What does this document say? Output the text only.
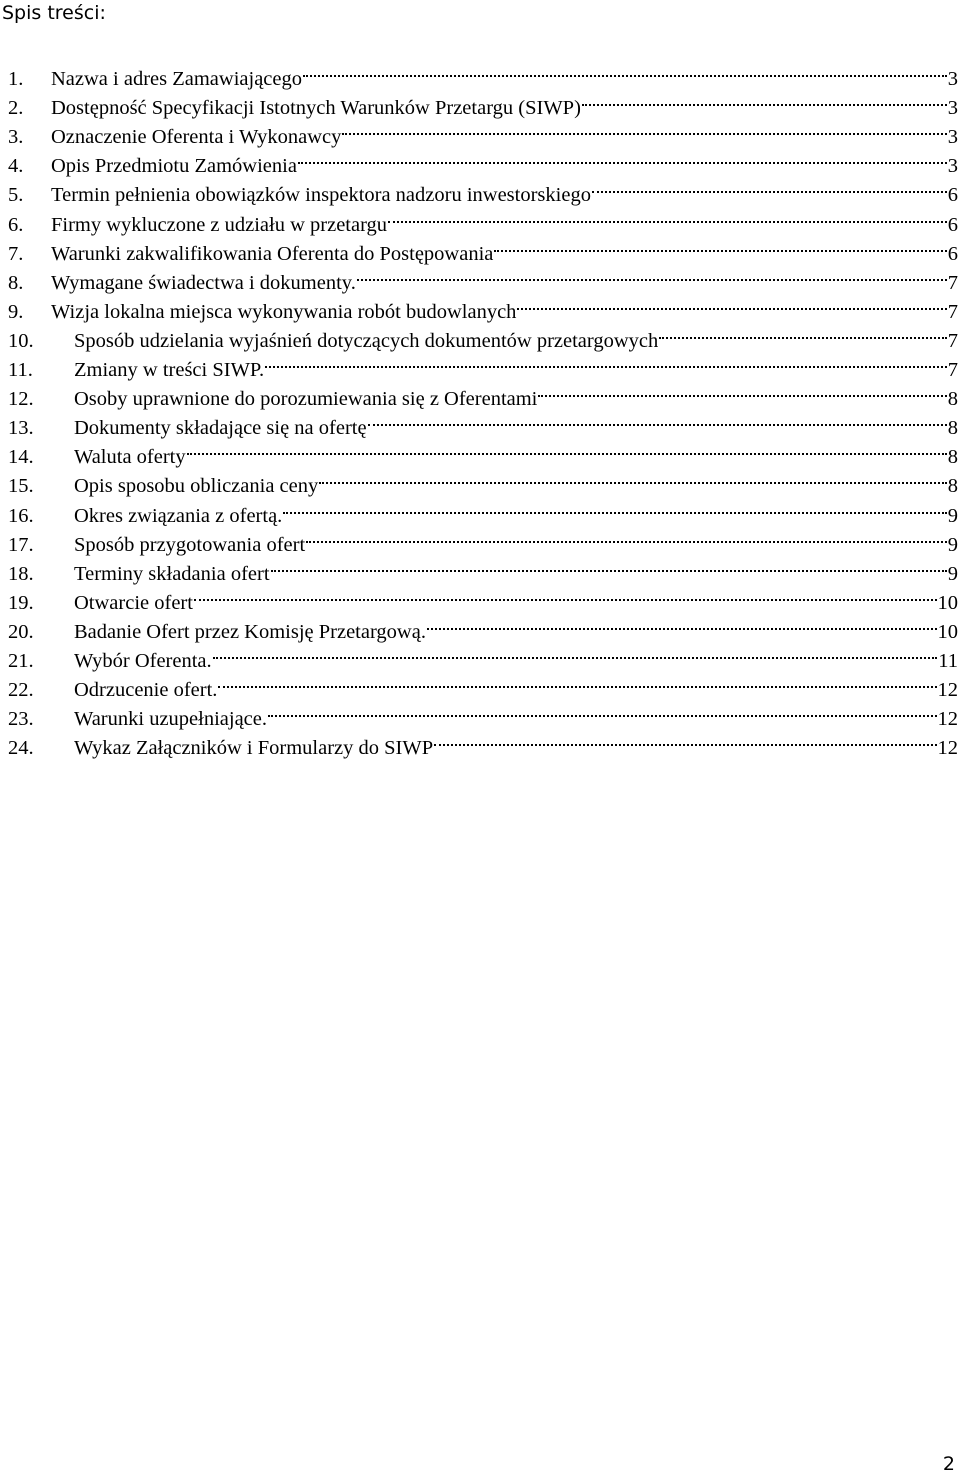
Spis treści:
1.	Nazwa i adres Zamawiającego	3
2.	Dostępność Specyfikacji Istotnych Warunków Przetargu (SIWP)	3
3.	Oznaczenie Oferenta i Wykonawcy	3
4.	Opis Przedmiotu Zamówienia	3
5.	Termin pełnienia obowiązków inspektora nadzoru inwestorskiego	6
6.	Firmy wykluczone z udziału w przetargu	6
7.	Warunki zakwalifikowania Oferenta do Postępowania	6
8.	Wymagane świadectwa i dokumenty.	7
9.	Wizja lokalna miejsca wykonywania robót budowlanych	7
10.	Sposób udzielania wyjaśnień dotyczących dokumentów przetargowych	7
11.	Zmiany w treści SIWP.	7
12.	Osoby uprawnione do porozumiewania się z Oferentami	8
13.	Dokumenty składające się na ofertę	8
14.	Waluta oferty	8
15.	Opis sposobu obliczania ceny	8
16.	Okres związania z ofertą.	9
17.	Sposób przygotowania ofert	9
18.	Terminy składania ofert	9
19.	Otwarcie ofert	10
20.	Badanie Ofert przez Komisję Przetargową.	10
21.	Wybór Oferenta.	11
22.	Odrzucenie ofert.	12
23.	Warunki uzupełniające.	12
24.	Wykaz Załączników i Formularzy do SIWP	12
2
